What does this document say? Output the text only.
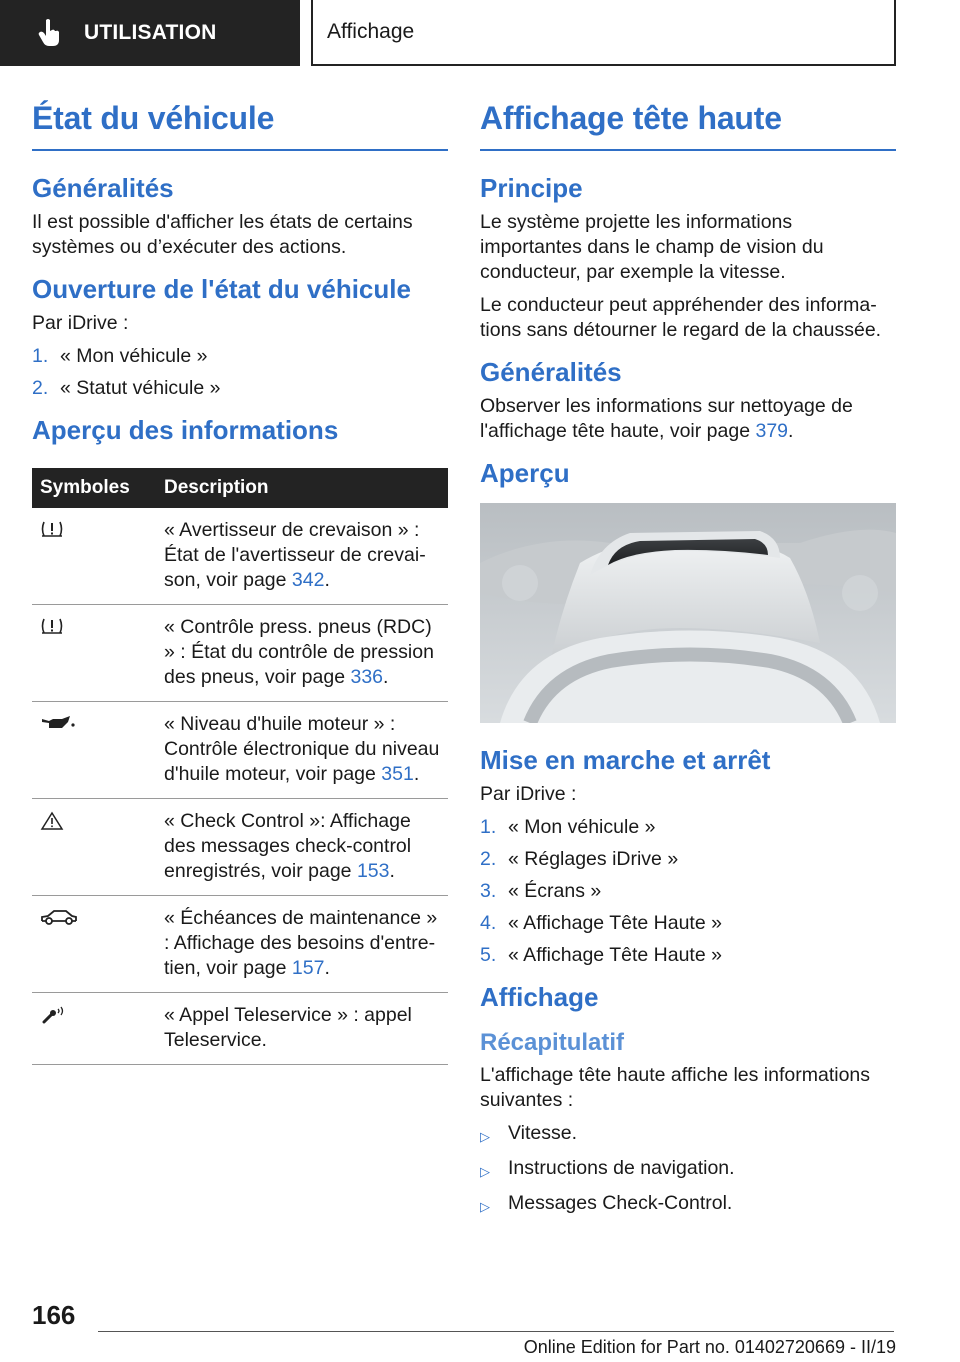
UTILISATION	Affichage
État du véhicule
Généralités

Il est possible d'afficher les états de certains systèmes ou d’exécuter des actions.

Ouverture de l'état du véhicule

Par iDrive :

1. « Mon véhicule »
2. « Statut véhicule »
Aperçu des informations
Symboles	Description

	« Avertisseur de crevaison » : État de l'avertisseur de crevaison, voir page 342.

	« Contrôle press. pneus (RDC) » : État du contrôle de pression des pneus, voir page 336.

	« Niveau d'huile moteur » : Contrôle électronique du niveau d'huile moteur, voir page 351.

	« Check Control »: Affichage des messages check-control enregistrés, voir page 153.

	« Échéances de maintenance » : Affichage des besoins d'entretien, voir page 157.

	« Appel Teleservice » : appel Teleservice.
Affichage tête haute
Principe

Le système projette les informations importantes dans le champ de vision du conducteur, par exemple la vitesse.

Le conducteur peut appréhender des informations sans détourner le regard de la chaussée.

Généralités

Observer les informations sur nettoyage de l'affichage tête haute, voir page 379.

Aperçu
Mise en marche et arrêt

Par iDrive :

1. « Mon véhicule »
2. « Réglages iDrive »
3. « Écrans »
4. « Affichage Tête Haute »
5. « Affichage Tête Haute »
Affichage
Récapitulatif

L'affichage tête haute affiche les informations suivantes :

▷ Vitesse.
▷ Instructions de navigation.
▷ Messages Check-Control.
166
Online Edition for Part no. 01402720669 - II/19
